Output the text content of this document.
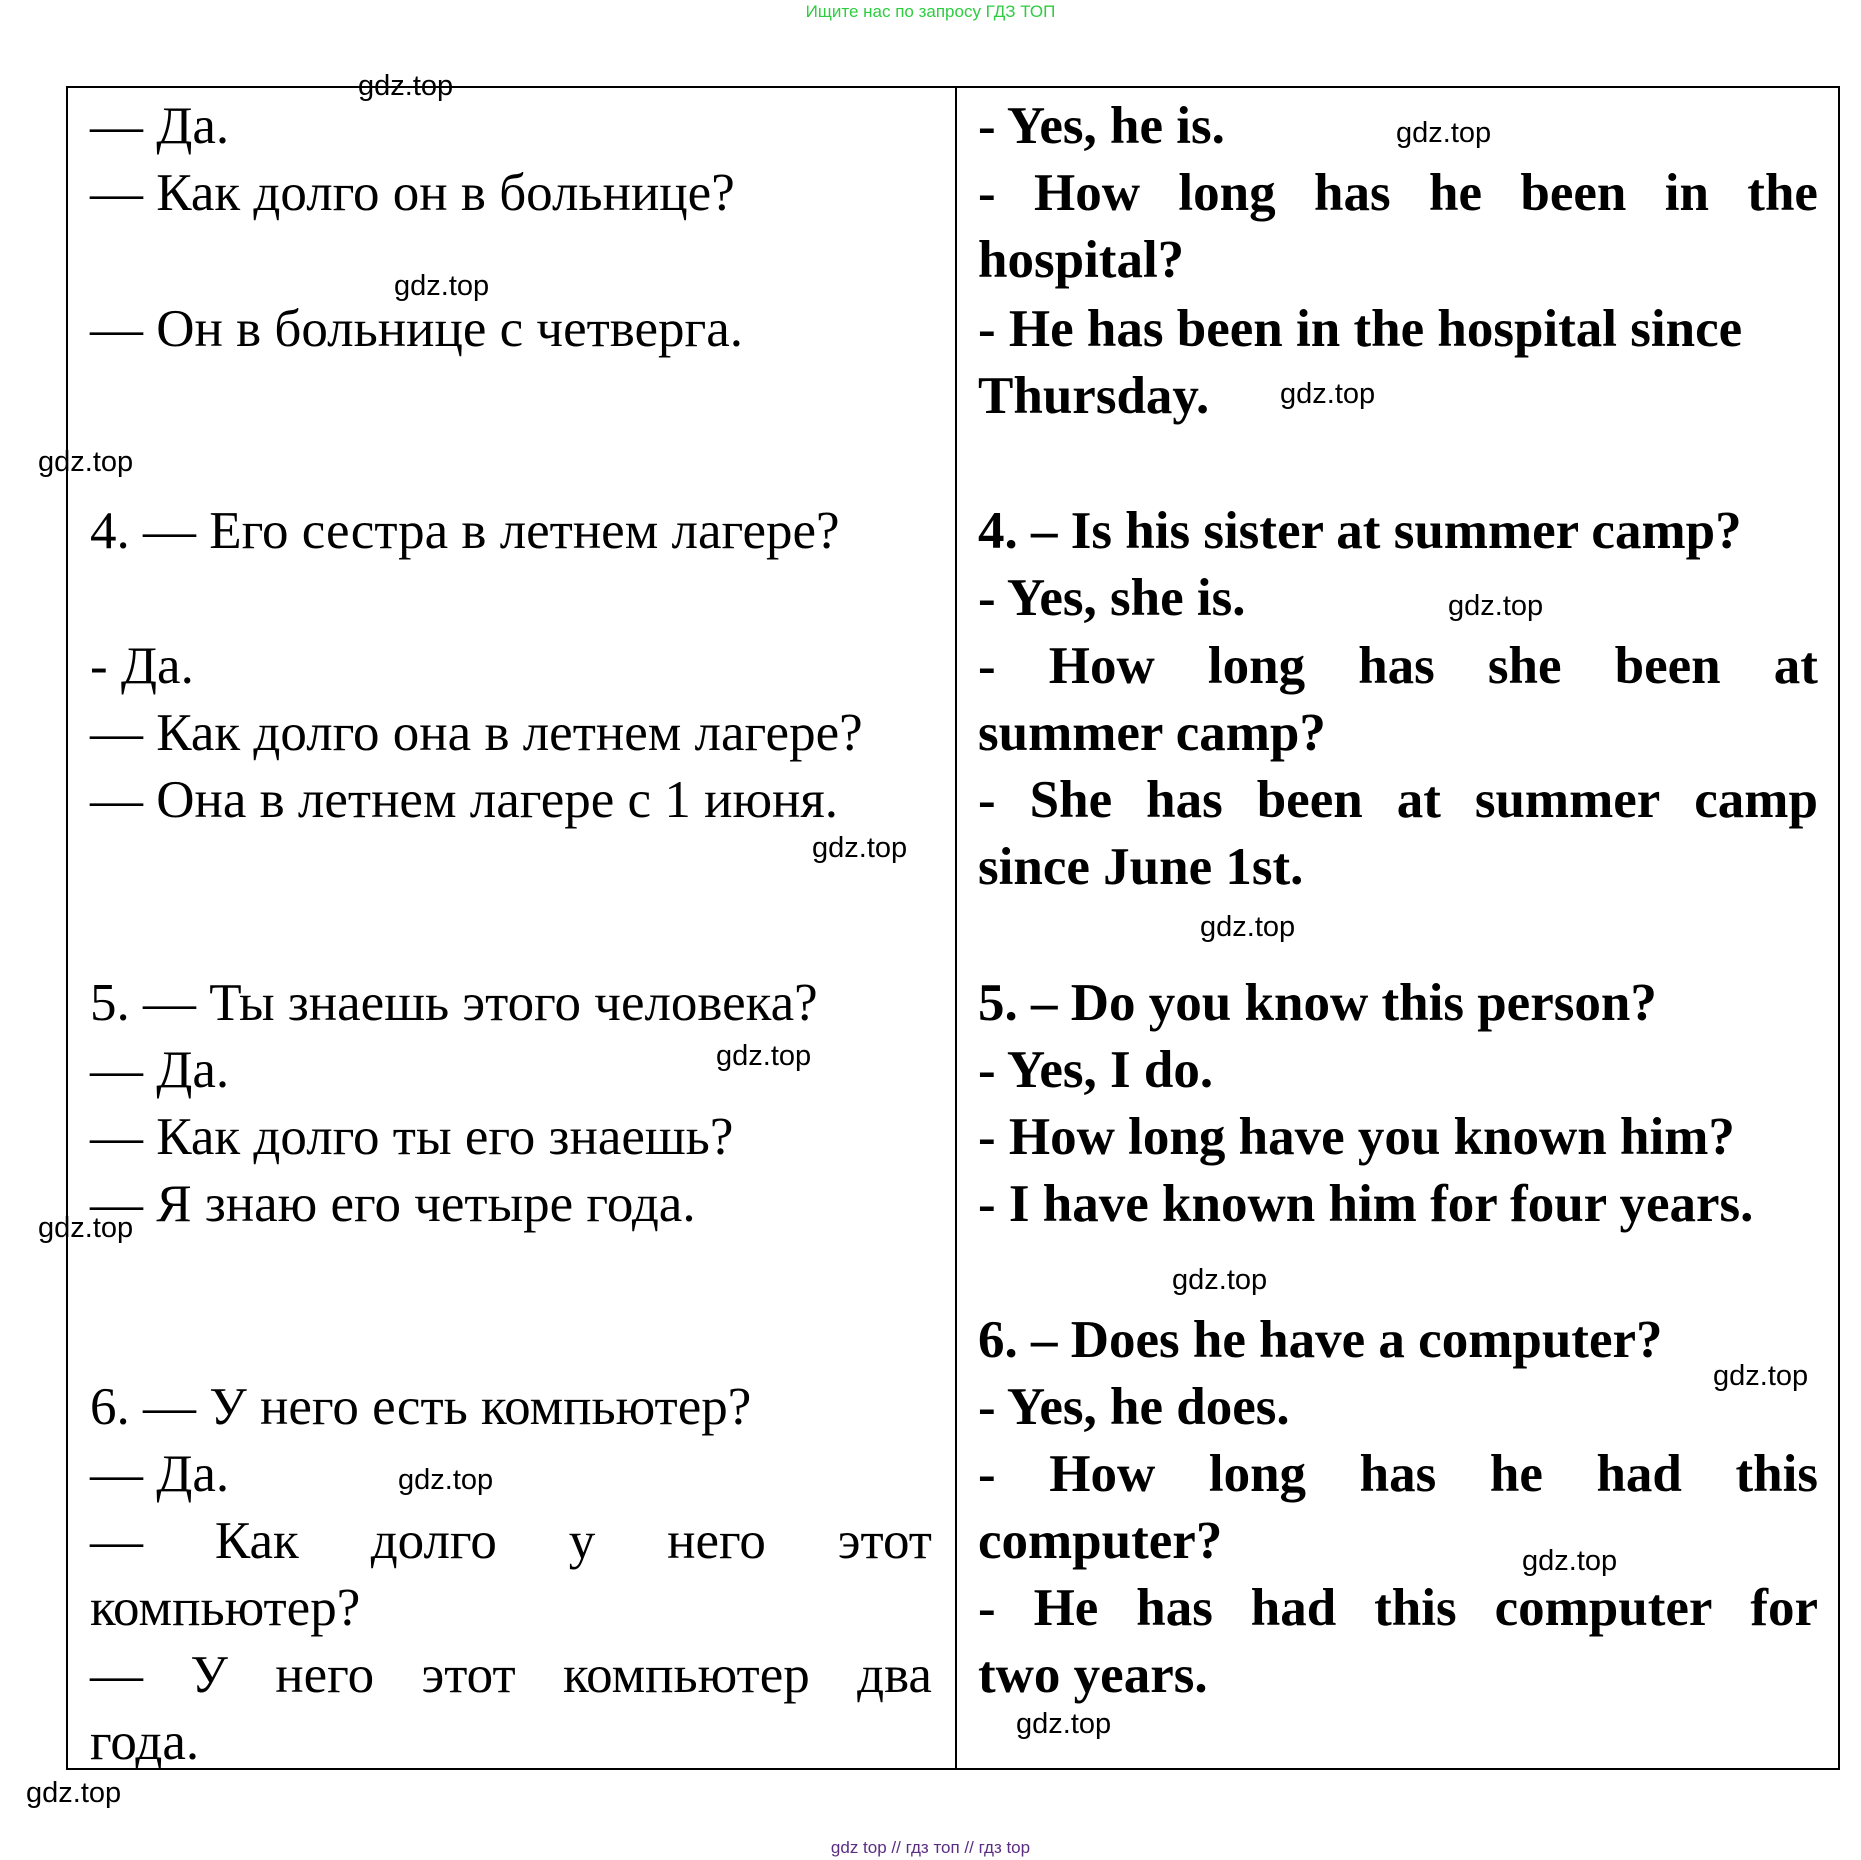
Ищите нас по запросу ГДЗ ТОП
— Да.
— Как долго он в больнице?
— Он в больнице с четверга.
4. — Его сестра в летнем лагере?
- Да.
— Как долго она в летнем лагере?
— Она в летнем лагере с 1 июня.
5. — Ты знаешь этого человека?
— Да.
— Как долго ты его знаешь?
— Я знаю его четыре года.
6. — У него есть компьютер?
— Да.
— Как долго у него этот
компьютер?
— У него этот компьютер два
года.
- Yes, he is.
- How long has he been in the
hospital?
- He has been in the hospital since
Thursday.
4. – Is his sister at summer camp?
- Yes, she is.
- How long has she been at
summer camp?
- She has been at summer camp
since June 1st.
5. – Do you know this person?
- Yes, I do.
- How long have you known him?
- I have known him for four years.
6. – Does he have a computer?
- Yes, he does.
- How long has he had this
computer?
- He has had this computer for
two years.
gdz.top
gdz.top
gdz.top
gdz.top
gdz.top
gdz.top
gdz.top
gdz.top
gdz.top
gdz.top
gdz.top
gdz.top
gdz.top
gdz.top
gdz.top
gdz.top
gdz top // гдз топ // гдз top
